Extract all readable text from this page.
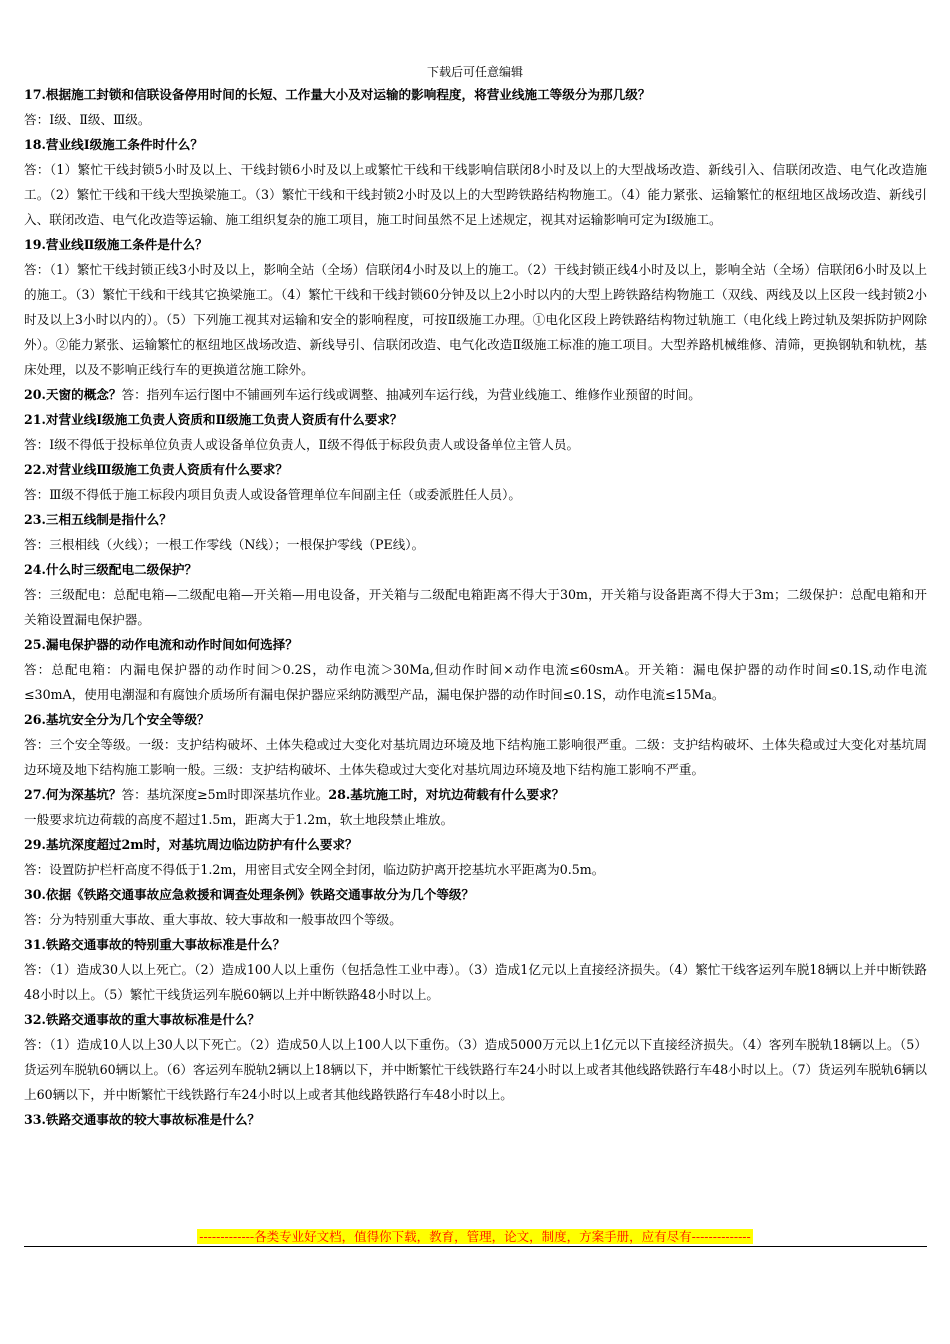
下载后可任意编辑

17.根据施工封锁和信联设备停用时间的长短、工作量大小及对运输的影响程度，将营业线施工等级分为那几级？

答：Ⅰ级、Ⅱ级、Ⅲ级。

18.营业线Ⅰ级施工条件时什么？

答：（1）繁忙干线封锁5小时及以上、干线封锁6小时及以上或繁忙干线和干线影响信联闭8小时及以上的大型战场改造、新线引入、信联闭改造、电气化改造施工。（2）繁忙干线和干线大型换梁施工。（3）繁忙干线和干线封锁2小时及以上的大型跨铁路结构物施工。（4）能力紧张、运输繁忙的枢纽地区战场改造、新线引入、联闭改造、电气化改造等运输、施工组织复杂的施工项目，施工时间虽然不足上述规定，视其对运输影响可定为Ⅰ级施工。

19.营业线Ⅱ级施工条件是什么？

答：（1）繁忙干线封锁正线3小时及以上，影响全站（全场）信联闭4小时及以上的施工。（2）干线封锁正线4小时及以上，影响全站（全场）信联闭6小时及以上的施工。（3）繁忙干线和干线其它换梁施工。（4）繁忙干线和干线封锁60分钟及以上2小时以内的大型上跨铁路结构物施工（双线、两线及以上区段一线封锁2小时及以上3小时以内的）。（5）下列施工视其对运输和安全的影响程度，可按Ⅱ级施工办理。①电化区段上跨铁路结构物过轨施工（电化线上跨过轨及架拆防护网除外）。②能力紧张、运输繁忙的枢纽地区战场改造、新线导引、信联闭改造、电气化改造Ⅱ级施工标准的施工项目。大型养路机械维修、清筛，更换钢轨和轨枕，基床处理，以及不影响正线行车的更换道岔施工除外。

20.天窗的概念？答：指列车运行图中不铺画列车运行线或调整、抽减列车运行线，为营业线施工、维修作业预留的时间。

21.对营业线Ⅰ级施工负责人资质和Ⅱ级施工负责人资质有什么要求？

答：Ⅰ级不得低于投标单位负责人或设备单位负责人，Ⅱ级不得低于标段负责人或设备单位主管人员。

22.对营业线Ⅲ级施工负责人资质有什么要求？

答：Ⅲ级不得低于施工标段内项目负责人或设备管理单位车间副主任（或委派胜任人员）。

23.三相五线制是指什么？

答：三根相线（火线）；一根工作零线（N线）；一根保护零线（PE线）。

24.什么时三级配电二级保护？

答：三级配电：总配电箱—二级配电箱—开关箱—用电设备，开关箱与二级配电箱距离不得大于30m，开关箱与设备距离不得大于3m；二级保护：总配电箱和开关箱设置漏电保护器。

25.漏电保护器的动作电流和动作时间如何选择？

答：总配电箱：内漏电保护器的动作时间＞0.2S，动作电流＞30Ma,但动作时间×动作电流≤60smA。开关箱：漏电保护器的动作时间≤0.1S,动作电流≤30mA，使用电潮湿和有腐蚀介质场所有漏电保护器应采纳防溅型产品，漏电保护器的动作时间≤0.1S，动作电流≤15Ma。

26.基坑安全分为几个安全等级？

答：三个安全等级。一级：支护结构破坏、土体失稳或过大变化对基坑周边环境及地下结构施工影响很严重。二级：支护结构破坏、土体失稳或过大变化对基坑周边环境及地下结构施工影响一般。三级：支护结构破坏、土体失稳或过大变化对基坑周边环境及地下结构施工影响不严重。

27.何为深基坑？答：基坑深度≥5m时即深基坑作业。28.基坑施工时，对坑边荷载有什么要求？

一般要求坑边荷载的高度不超过1.5m，距离大于1.2m，软土地段禁止堆放。

29.基坑深度超过2m时，对基坑周边临边防护有什么要求？

答：设置防护栏杆高度不得低于1.2m，用密目式安全网全封闭，临边防护离开挖基坑水平距离为0.5m。

30.依据《铁路交通事故应急救援和调查处理条例》铁路交通事故分为几个等级？

答：分为特别重大事故、重大事故、较大事故和一般事故四个等级。

31.铁路交通事故的特别重大事故标准是什么？

答：（1）造成30人以上死亡。（2）造成100人以上重伤（包括急性工业中毒）。（3）造成1亿元以上直接经济损失。（4）繁忙干线客运列车脱18辆以上并中断铁路48小时以上。（5）繁忙干线货运列车脱60辆以上并中断铁路48小时以上。

32.铁路交通事故的重大事故标准是什么？

答：（1）造成10人以上30人以下死亡。（2）造成50人以上100人以下重伤。（3）造成5000万元以上1亿元以下直接经济损失。（4）客列车脱轨18辆以上。（5）货运列车脱轨60辆以上。（6）客运列车脱轨2辆以上18辆以下，并中断繁忙干线铁路行车24小时以上或者其他线路铁路行车48小时以上。（7）货运列车脱轨6辆以上60辆以下，并中断繁忙干线铁路行车24小时以上或者其他线路铁路行车48小时以上。

33.铁路交通事故的较大事故标准是什么？

-------------各类专业好文档，值得你下载，教育，管理，论文，制度，方案手册，应有尽有--------------
